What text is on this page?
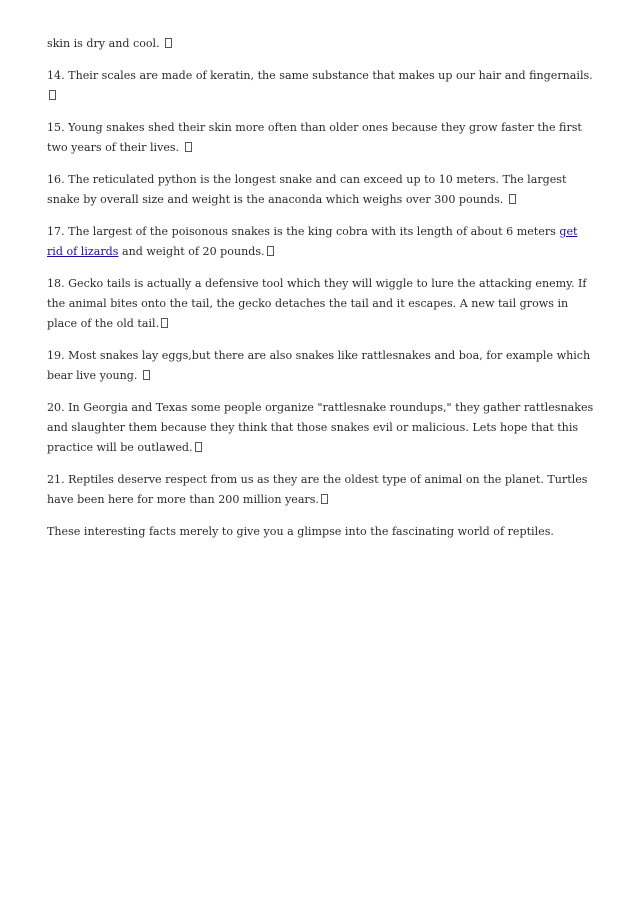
skin is dry and cool.

14. Their scales are made of keratin, the same substance that makes up our hair and fingernails.

15. Young snakes shed their skin more often than older ones because they grow faster the first two years of their lives.

16. The reticulated python is the longest snake and can exceed up to 10 meters. The largest snake by overall size and weight is the anaconda which weighs over 300 pounds.

17. The largest of the poisonous snakes is the king cobra with its length of about 6 meters get rid of lizards and weight of 20 pounds.

18. Gecko tails is actually a defensive tool which they will wiggle to lure the attacking enemy. If the animal bites onto the tail, the gecko detaches the tail and it escapes. A new tail grows in place of the old tail.

19. Most snakes lay eggs,but there are also snakes like rattlesnakes and boa, for example which bear live young.

20. In Georgia and Texas some people organize "rattlesnake roundups," they gather rattlesnakes and slaughter them because they think that those snakes evil or malicious. Lets hope that this practice will be outlawed.

21. Reptiles deserve respect from us as they are the oldest type of animal on the planet. Turtles have been here for more than 200 million years.

These interesting facts merely to give you a glimpse into the fascinating world of reptiles.
